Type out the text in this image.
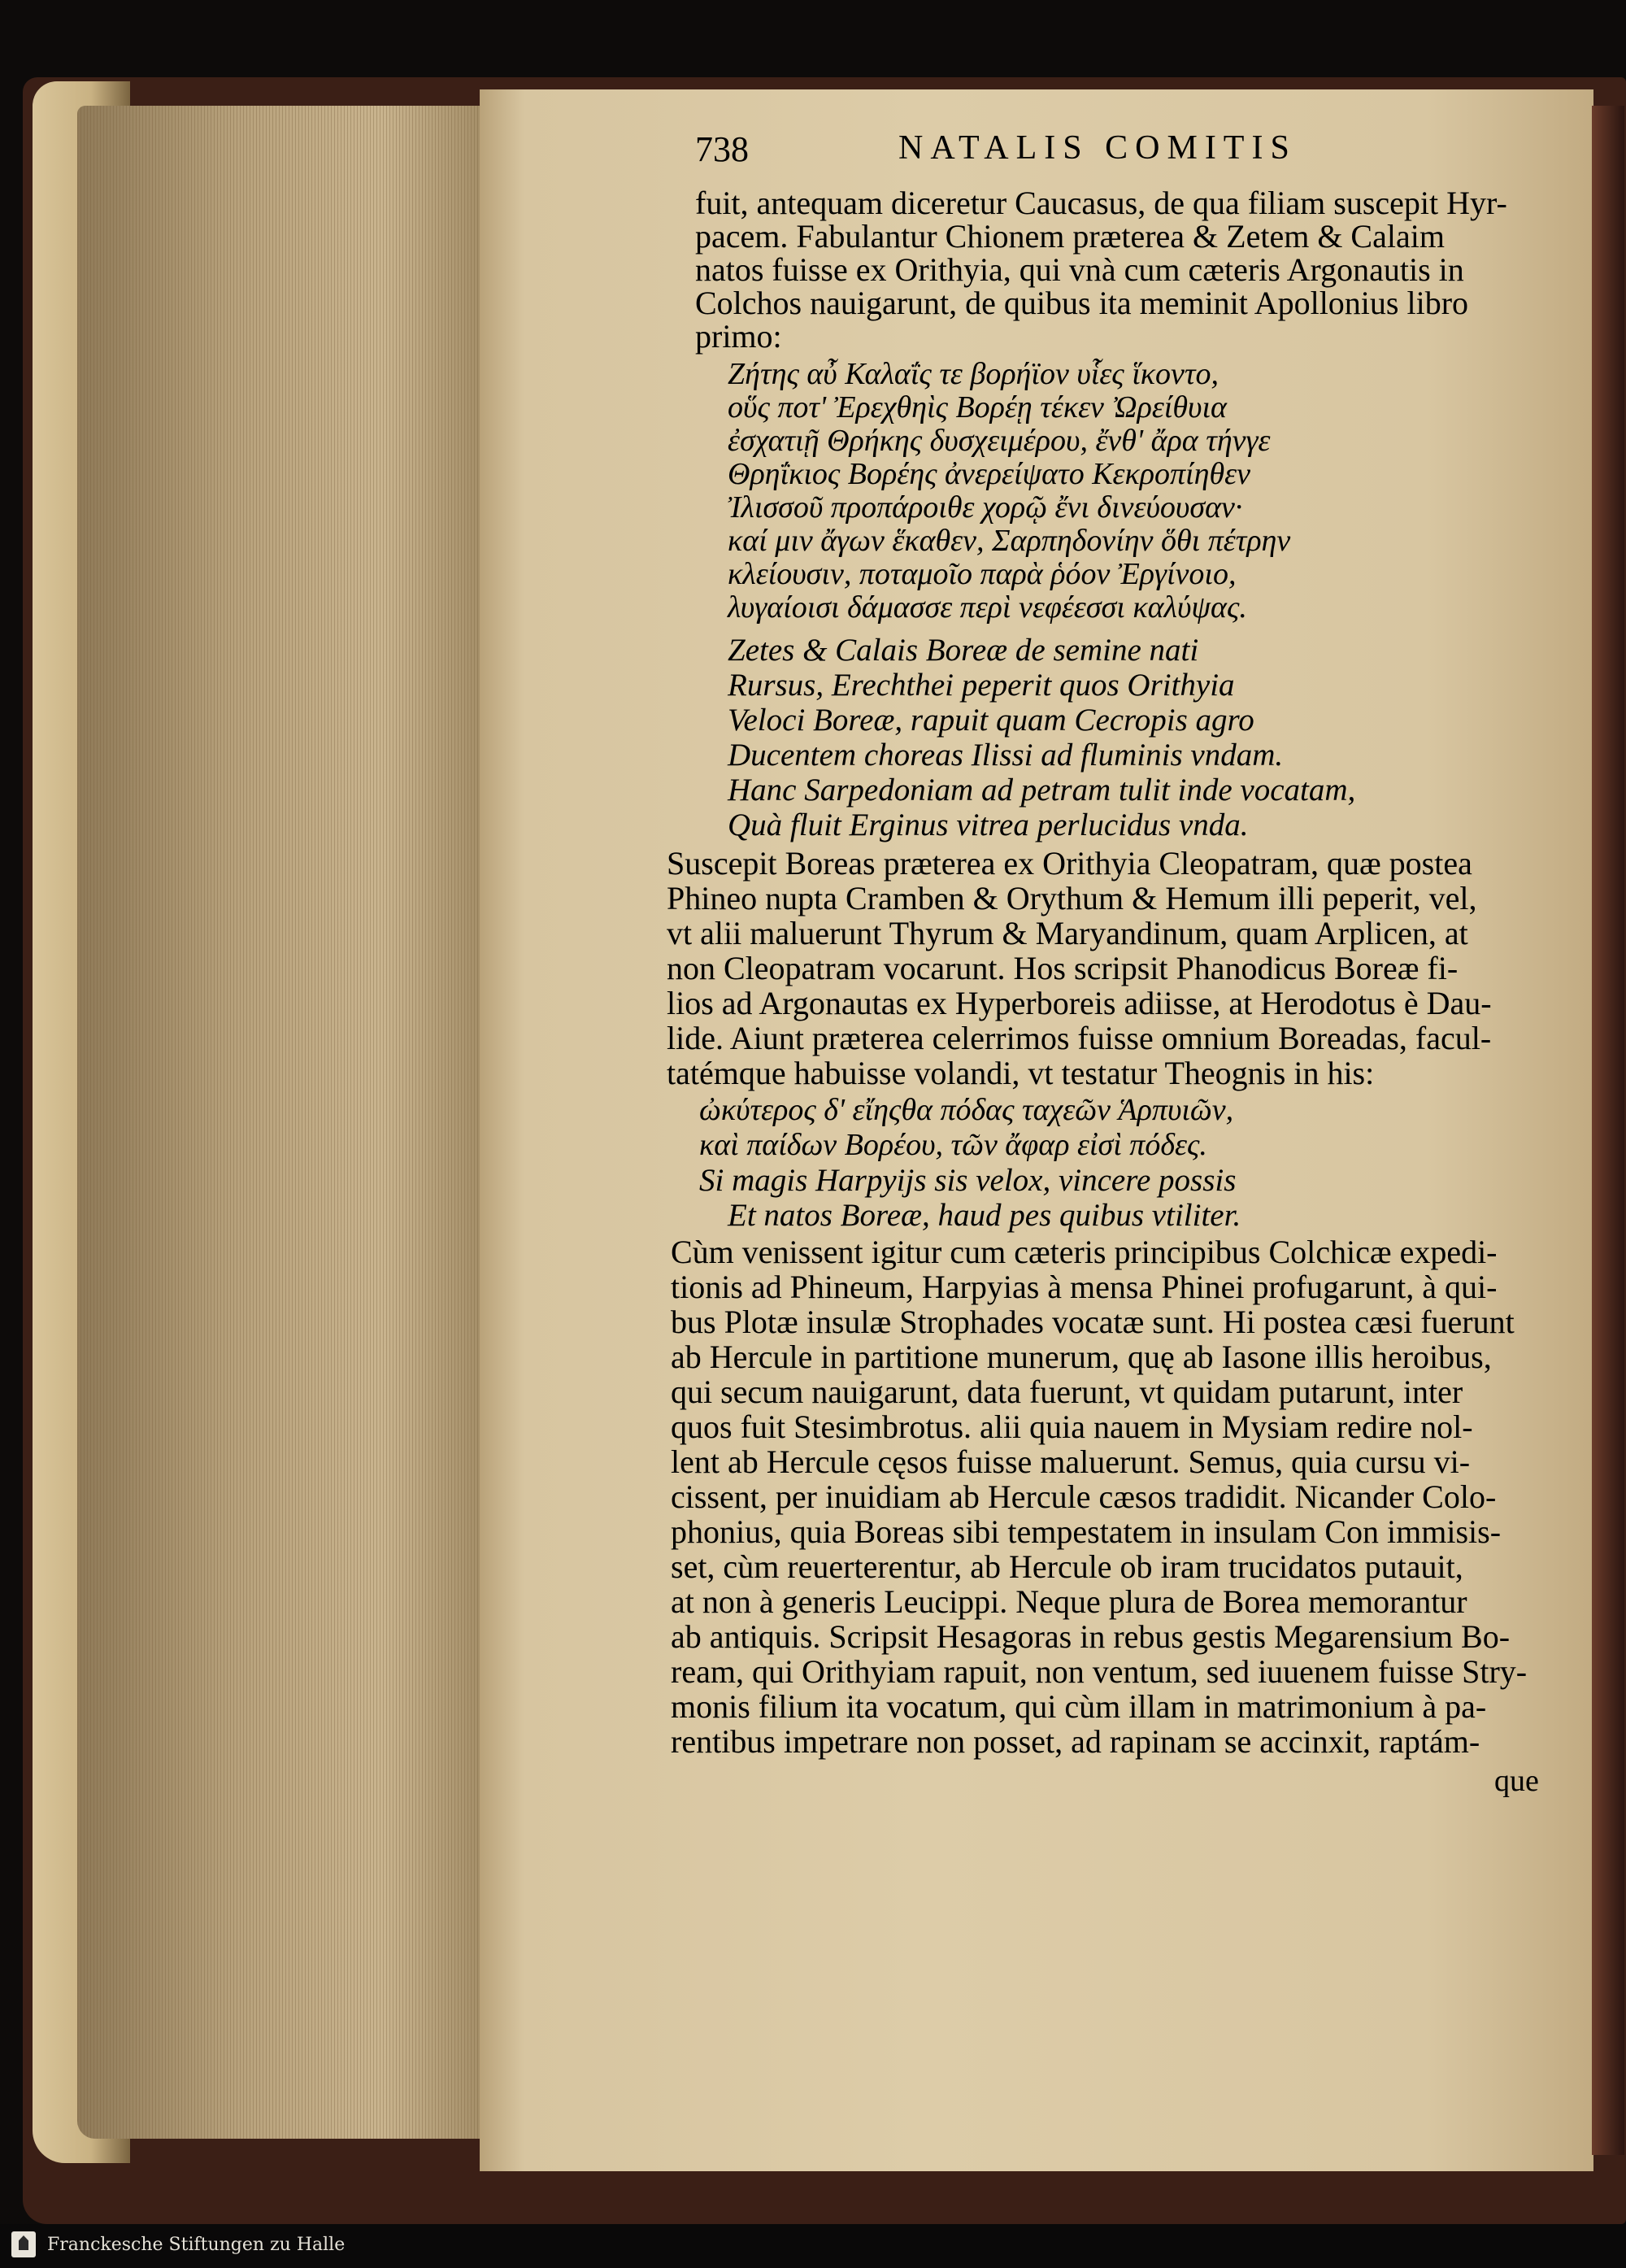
738	NATALIS COMITIS
fuit, antequam diceretur Caucasus, de qua filiam suscepit Hyr-
pacem. Fabulantur Chionem præterea & Zetem & Calaim
natos fuisse ex Orithyia, qui vnà cum cæteris Argonautis in
Colchos nauigarunt, de quibus ita meminit Apollonius libro
primo:
Ζήτης αὖ Καλαΐς τε βορήϊον υἷες ἵκοντο,
οὕς ποτ' Ἐρεχθηὶς Βορέῃ τέκεν Ὠρείθυια
ἐσχατιῇ Θρήκης δυσχειμέρου, ἔνθ' ἄρα τήνγε
Θρηΐκιος Βορέης ἀνερείψατο Κεκροπίηθεν
Ἰλισσοῦ προπάροιθε χορῷ ἔνι δινεύουσαν·
καί μιν ἄγων ἕκαθεν, Σαρπηδονίην ὅθι πέτρην
κλείουσιν, ποταμοῖο παρὰ ῥόον Ἐργίνοιο,
λυγαίοισι δάμασσε περὶ νεφέεσσι καλύψας.
Zetes & Calais Boreæ de semine nati
Rursus, Erechthei peperit quos Orithyia
Veloci Boreæ, rapuit quam Cecropis agro
Ducentem choreas Ilissi ad fluminis vndam.
Hanc Sarpedoniam ad petram tulit inde vocatam,
Quà fluit Erginus vitrea perlucidus vnda.
Suscepit Boreas præterea ex Orithyia Cleopatram, quæ postea
Phineo nupta Cramben & Orythum & Hemum illi peperit, vel,
vt alii maluerunt Thyrum & Maryandinum, quam Arplicen, at
non Cleopatram vocarunt. Hos scripsit Phanodicus Boreæ fi-
lios ad Argonautas ex Hyperboreis adiisse, at Herodotus è Dau-
lide. Aiunt præterea celerrimos fuisse omnium Boreadas, facul-
tatémque habuisse volandi, vt testatur Theognis in his:
ὠκύτερος δ' εἴηςθα πόδας ταχεῶν Ἁρπυιῶν,
καὶ παίδων Βορέου, τῶν ἄφαρ εἰσὶ πόδες.
Si magis Harpyijs sis velox, vincere possis
Et natos Boreæ, haud pes quibus vtiliter.
Cùm venissent igitur cum cæteris principibus Colchicæ expedi-
tionis ad Phineum, Harpyias à mensa Phinei profugarunt, à qui-
bus Plotæ insulæ Strophades vocatæ sunt. Hi postea cæsi fuerunt
ab Hercule in partitione munerum, quę ab Iasone illis heroibus,
qui secum nauigarunt, data fuerunt, vt quidam putarunt, inter
quos fuit Stesimbrotus. alii quia nauem in Mysiam redire nol-
lent ab Hercule cęsos fuisse maluerunt. Semus, quia cursu vi-
cissent, per inuidiam ab Hercule cæsos tradidit. Nicander Colo-
phonius, quia Boreas sibi tempestatem in insulam Con immisis-
set, cùm reuerterentur, ab Hercule ob iram trucidatos putauit,
at non à generis Leucippi. Neque plura de Borea memorantur
ab antiquis. Scripsit Hesagoras in rebus gestis Megarensium Bo-
ream, qui Orithyiam rapuit, non ventum, sed iuuenem fuisse Stry-
monis filium ita vocatum, qui cùm illam in matrimonium à pa-
rentibus impetrare non posset, ad rapinam se accinxit, raptám-
que
Franckesche Stiftungen zu Halle
